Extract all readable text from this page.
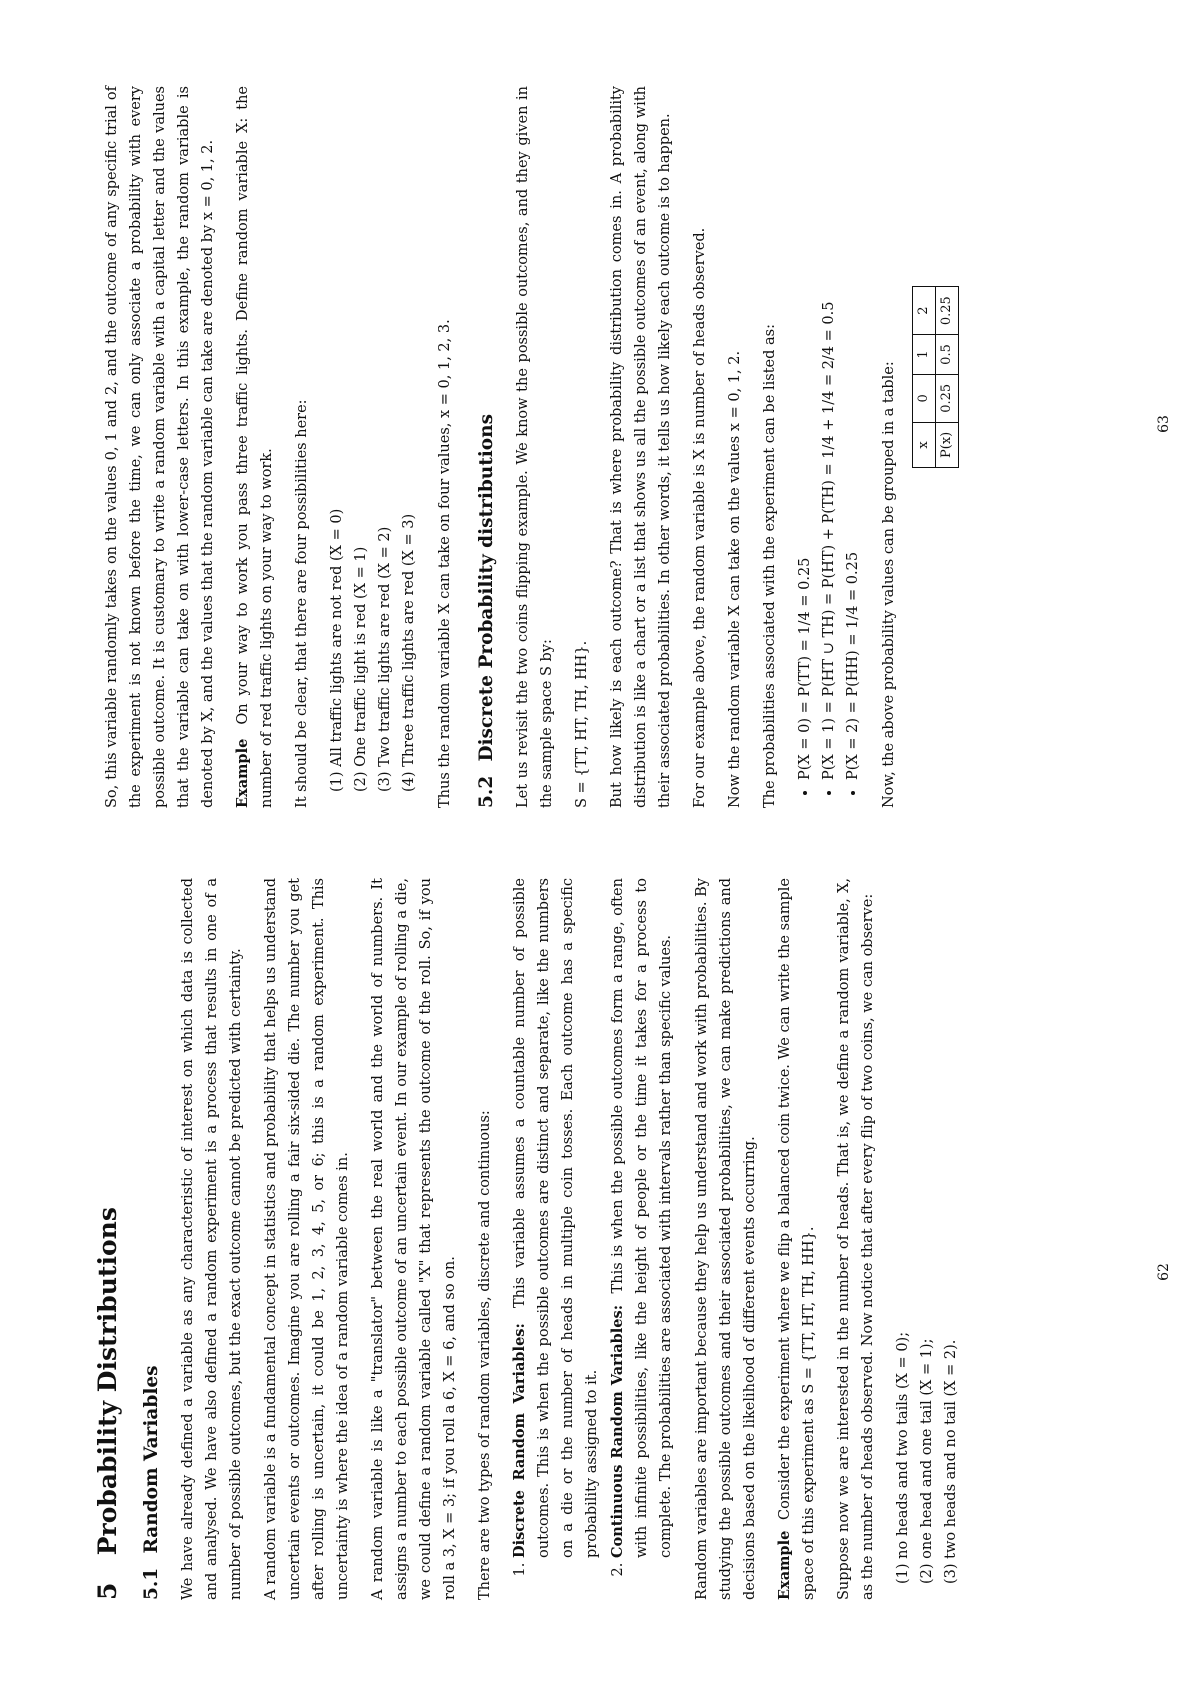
5 Probability Distributions
5.1 Random Variables We have already defined a variable as any characteristic of interest on which data is collected and analysed. We have also defined a random experiment is a process that results in one of a number of possible outcomes, but the exact outcome cannot be predicted with certainty. A random variable is a fundamental concept in statistics and probability that helps us understand uncertain events or outcomes. Imagine you are rolling a fair six-sided die. The number you get after rolling is uncertain, it could be 1, 2, 3, 4, 5, or 6; this is a random experiment. This uncertainty is where the idea of a random variable comes in. A random variable is like a "translator" between the real world and the world of numbers. It assigns a number to each possible outcome of an uncertain event. In our example of rolling a die, we could define a random variable called "X" that represents the outcome of the roll. So, if you roll a 3, X = 3; if you roll a 6, X = 6, and so on. There are two types of random variables, discrete and continuous: 1. Discrete Random Variables: This variable assumes a countable number of possible outcomes. This is when the possible outcomes are distinct and separate, like the numbers on a die or the number of heads in multiple coin tosses. Each outcome has a specific probability assigned to it. 2. Continuous Random Variables: This is when the possible outcomes form a range, often with infinite possibilities, like the height of people or the time it takes for a process to complete. The probabilities are associated with intervals rather than specific values. Random variables are important because they help us understand and work with probabilities. By studying the possible outcomes and their associated probabilities, we can make predictions and decisions based on the likelihood of different events occurring. Example Consider the experiment where we flip a balanced coin twice. We can write the sample space of this experiment as S = {TT, HT, TH, HH}. Suppose now we are interested in the number of heads. That is, we define a random variable, X, as the number of heads observed. Now notice that after every flip of two coins, we can observe: (1) no heads and two tails (X = 0); (2) one head and one tail (X = 1); (3) two heads and no tail (X = 2).
62

So, this variable randomly takes on the values 0, 1 and 2, and the outcome of any specific trial of the experiment is not known before the time, we can only associate a probability with every possible outcome. It is customary to write a random variable with a capital letter and the values that the variable can take on with lower-case letters. In this example, the random variable is denoted by X, and the values that the random variable can take are denoted by x = 0, 1, 2. Example On your way to work you pass three traffic lights. Define random variable X: the number of red traffic lights on your way to work. It should be clear, that there are four possibilities here: (1) All traffic lights are not red (X = 0) (2) One traffic light is red (X = 1) (3) Two traffic lights are red (X = 2) (4) Three traffic lights are red (X = 3) Thus the random variable X can take on four values, x = 0, 1, 2, 3. 5.2 Discrete Probability distributions Let us revisit the two coins flipping example. We know the possible outcomes, and they given in the sample space S by: S = {TT, HT, TH, HH}. But how likely is each outcome? That is where probability distribution comes in. A probability distribution is like a chart or a list that shows us all the possible outcomes of an event, along with their associated probabilities. In other words, it tells us how likely each outcome is to happen. For our example above, the random variable is X is number of heads observed. Now the random variable X can take on the values x = 0, 1, 2. The probabilities associated with the experiment can be listed as: • P(X = 0) = P(TT) = 1/4 = 0.25 • P(X = 1) = P(HT ∪ TH) = P(HT) + P(TH) = 1/4 + 1/4 = 2/4 = 0.5 • P(X = 2) = P(HH) = 1/4 = 0.25 Now, the above probability values can be grouped in a table:	x	0	1	2
P(x)	0.25	0.5	0.25
63
